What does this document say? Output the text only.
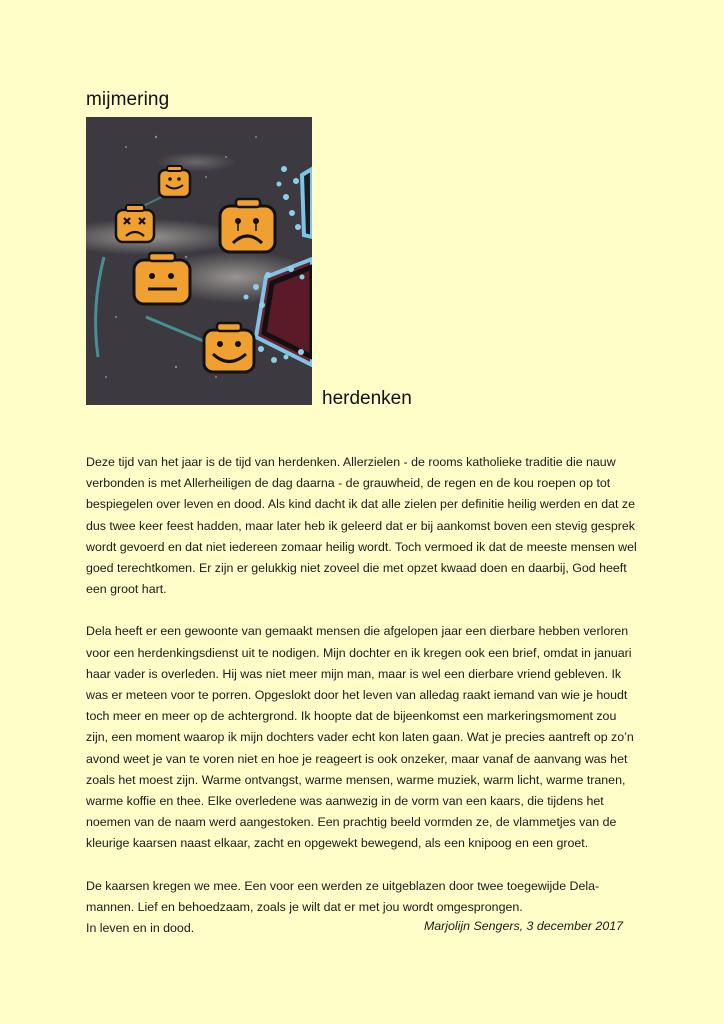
mijmering
herdenken

Deze tijd van het jaar is de tijd van herdenken. Allerzielen - de rooms katholieke traditie die nauw
verbonden is met Allerheiligen de dag daarna - de grauwheid, de regen en de kou roepen op tot
bespiegelen over leven en dood. Als kind dacht ik dat alle zielen per definitie heilig werden en dat ze
dus twee keer feest hadden, maar later heb ik geleerd dat er bij aankomst boven een stevig gesprek
wordt gevoerd en dat niet iedereen zomaar heilig wordt. Toch vermoed ik dat de meeste mensen wel
goed terechtkomen. Er zijn er gelukkig niet zoveel die met opzet kwaad doen en daarbij, God heeft
een groot hart.

Dela heeft er een gewoonte van gemaakt mensen die afgelopen jaar een dierbare hebben verloren
voor een herdenkingsdienst uit te nodigen. Mijn dochter en ik kregen ook een brief, omdat in januari
haar vader is overleden. Hij was niet meer mijn man, maar is wel een dierbare vriend gebleven. Ik
was er meteen voor te porren. Opgeslokt door het leven van alledag raakt iemand van wie je houdt
toch meer en meer op de achtergrond. Ik hoopte dat de bijeenkomst een markeringsmoment zou
zijn, een moment waarop ik mijn dochters vader echt kon laten gaan. Wat je precies aantreft op zo’n
avond weet je van te voren niet en hoe je reageert is ook onzeker, maar vanaf de aanvang was het
zoals het moest zijn. Warme ontvangst, warme mensen, warme muziek, warm licht, warme tranen,
warme koffie en thee. Elke overledene was aanwezig in de vorm van een kaars, die tijdens het
noemen van de naam werd aangestoken. Een prachtig beeld vormden ze, de vlammetjes van de
kleurige kaarsen naast elkaar, zacht en opgewekt bewegend, als een knipoog en een groet.

De kaarsen kregen we mee. Een voor een werden ze uitgeblazen door twee toegewijde Dela-
mannen. Lief en behoedzaam, zoals je wilt dat er met jou wordt omgesprongen.
In leven en in dood.	Marjolijn Sengers, 3 december 2017
